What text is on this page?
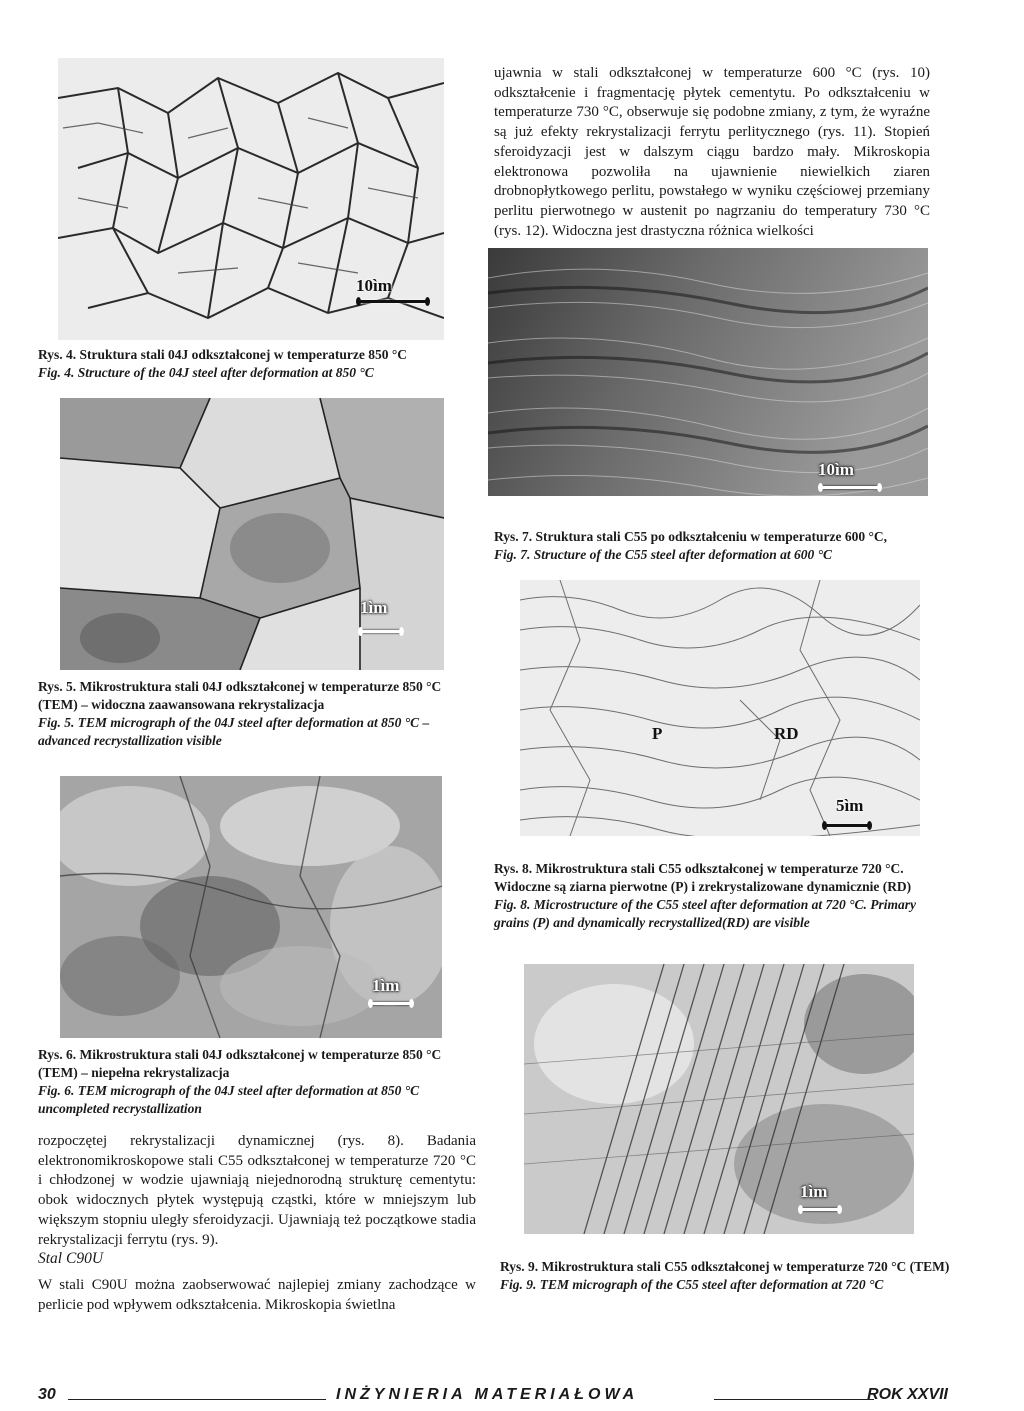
10ìm
Rys. 4. Struktura stali 04J odkształconej w temperaturze 850 °C
Fig. 4. Structure of the 04J steel after deformation at 850 °C

ujawnia w stali odkształconej w temperaturze 600 °C (rys. 10) odkształcenie i fragmentację płytek cementytu. Po odkształceniu w temperaturze 730 °C, obserwuje się podobne zmiany, z tym, że wyraźne są już efekty rekrystalizacji ferrytu perlitycznego (rys. 11). Stopień sferoidyzacji jest w dalszym ciągu bardzo mały. Mikroskopia elektronowa pozwoliła na ujawnienie niewielkich ziaren drobnopłytkowego perlitu, powstałego w wyniku częściowej przemiany perlitu pierwotnego w austenit po nagrzaniu do temperatury 730 °C (rys. 12). Widoczna jest drastyczna różnica wielkości

10ìm
Rys. 7. Struktura stali C55 po odkształceniu w temperaturze 600 °C,
Fig. 7. Structure of the C55 steel after deformation at 600 °C
1ìm
Rys. 5. Mikrostruktura stali 04J odkształconej w temperaturze 850 °C (TEM) – widoczna zaawansowana rekrystalizacja
Fig. 5. TEM micrograph of the 04J steel after deformation at 850 °C – advanced recrystallization visible	P	RD
5ìm
Rys. 8. Mikrostruktura stali C55 odkształconej w temperaturze 720 °C. Widoczne są ziarna pierwotne (P) i zrekrystalizowane dynamicznie (RD)
Fig. 8. Microstructure of the C55 steel after deformation at 720 °C. Primary grains (P) and dynamically recrystallized(RD) are visible
1ìm
Rys. 6. Mikrostruktura stali 04J odkształconej w temperaturze 850 °C (TEM) – niepełna rekrystalizacja
Fig. 6. TEM micrograph of the 04J steel after deformation at 850 °C uncompleted recrystallization
1ìm
Rys. 9. Mikrostruktura stali C55 odkształconej w temperaturze 720 °C (TEM)
Fig. 9. TEM micrograph of the C55 steel after deformation at 720 °C

rozpoczętej rekrystalizacji dynamicznej (rys. 8). Badania elektronomikroskopowe stali C55 odkształconej w temperaturze 720 °C i chłodzonej w wodzie ujawniają niejednorodną strukturę cementytu: obok widocznych płytek występują cząstki, które w mniejszym lub większym stopniu uległy sferoidyzacji. Ujawniają też początkowe stadia rekrystalizacji ferrytu (rys. 9).

Stal C90U

W stali C90U można zaobserwować najlepiej zmiany zachodzące w perlicie pod wpływem odkształcenia. Mikroskopia świetlna

30	INŻYNIERIA MATERIAŁOWA	ROK XXVII
